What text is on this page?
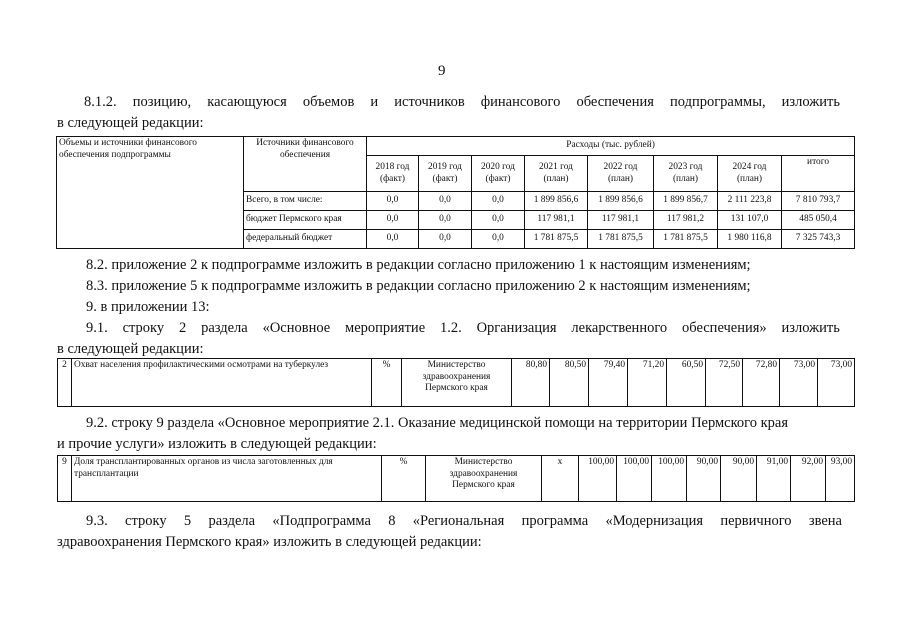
9
8.1.2. позицию, касающуюся объемов и источников финансового обеспечения подпрограммы, изложить
в следующей редакции:
Объемы и источники финансового обеспечения подпрограммы	Источники финансового обеспечения	Расходы (тыс. рублей)							
		2018 год (факт)	2019 год (факт)	2020 год (факт)	2021 год (план)	2022 год (план)	2023 год (план)	2024 год (план)	итого
	Всего, в том числе:	0,0	0,0	0,0	1 899 856,6	1 899 856,6	1 899 856,7	2 111 223,8	7 810 793,7
	бюджет Пермского края	0,0	0,0	0,0	117 981,1	117 981,1	117 981,2	131 107,0	485 050,4
	федеральный бюджет	0,0	0,0	0,0	1 781 875,5	1 781 875,5	1 781 875,5	1 980 116,8	7 325 743,3
8.2. приложение 2 к подпрограмме изложить в редакции согласно приложению 1 к настоящим изменениям;
8.3. приложение 5 к подпрограмме изложить в редакции согласно приложению 2 к настоящим изменениям;
9. в приложении 13:
9.1. строку 2 раздела «Основное мероприятие 1.2. Организация лекарственного обеспечения» изложить
в следующей редакции:
2	Охват населения профилактическими осмотрами на туберкулез	%	Министерство здравоохранения Пермского края	80,80	80,50	79,40	71,20	60,50	72,50	72,80	73,00	73,00
9.2. строку 9 раздела «Основное мероприятие 2.1. Оказание медицинской помощи на территории Пермского края
и прочие услуги» изложить в следующей редакции:
9	Доля трансплантированных органов из числа заготовленных для трансплантации	%	Министерство здравоохранения Пермского края	x	100,00	100,00	100,00	90,00	90,00	91,00	92,00	93,00
9.3. строку 5 раздела «Подпрограмма 8 «Региональная программа «Модернизация первичного звена
здравоохранения Пермского края» изложить в следующей редакции:
